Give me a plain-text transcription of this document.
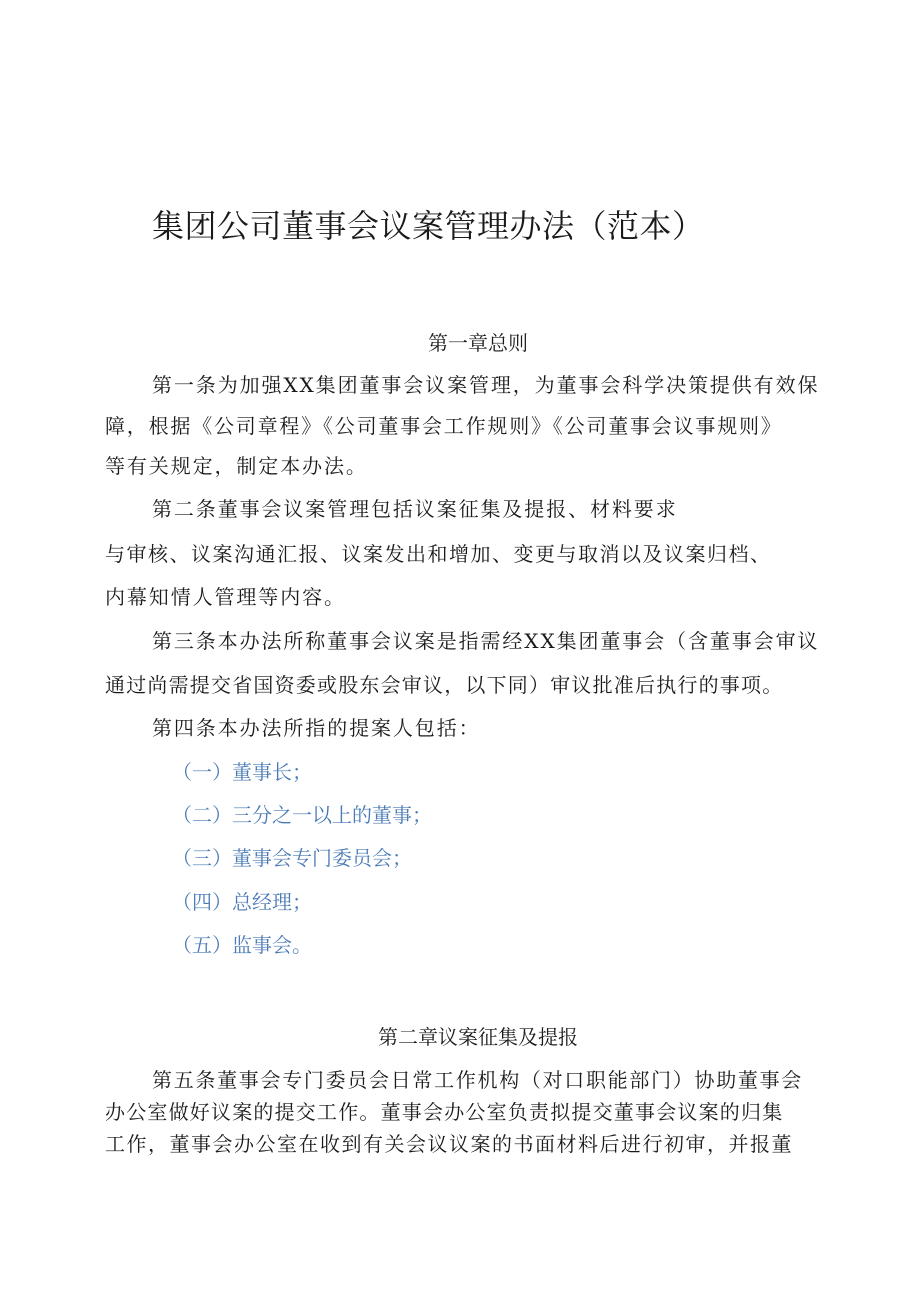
集团公司董事会议案管理办法（范本）
第一章总则
第一条为加强XX集团董事会议案管理，为董事会科学决策提供有效保
障，根据《公司章程》《公司董事会工作规则》《公司董事会议事规则》
等有关规定，制定本办法。
第二条董事会议案管理包括议案征集及提报、材料要求
与审核、议案沟通汇报、议案发出和增加、变更与取消以及议案归档、
内幕知情人管理等内容。
第三条本办法所称董事会议案是指需经XX集团董事会（含董事会审议
通过尚需提交省国资委或股东会审议，以下同）审议批准后执行的事项。
第四条本办法所指的提案人包括：
（一）董事长；
（二）三分之一以上的董事；
（三）董事会专门委员会；
（四）总经理；
（五）监事会。
第二章议案征集及提报
第五条董事会专门委员会日常工作机构（对口职能部门）协助董事会
办公室做好议案的提交工作。董事会办公室负责拟提交董事会议案的归集
工作，董事会办公室在收到有关会议议案的书面材料后进行初审，并报董
